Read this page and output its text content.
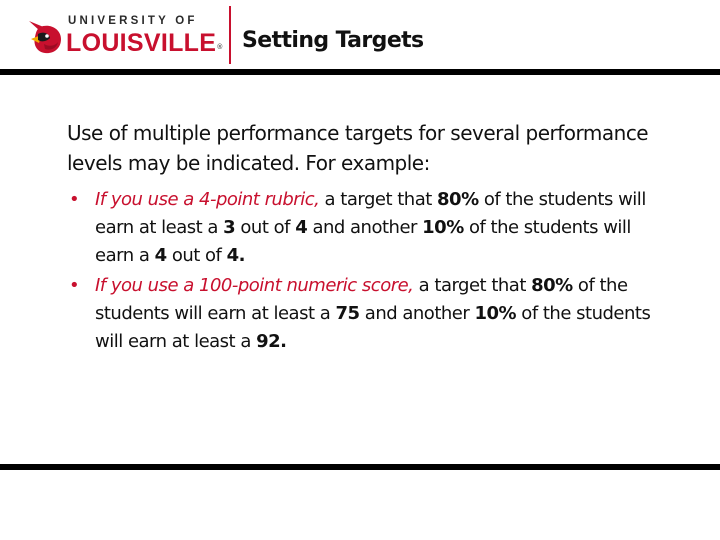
UNIVERSITY OF
LOUISVILLE® Setting Targets

Use of multiple performance targets for several performance levels may be indicated. For example:

• If you use a 4-point rubric, a target that 80% of the students will earn at least a 3 out of 4 and another 10% of the students will earn a 4 out of 4.
• If you use a 100-point numeric score, a target that 80% of the students will earn at least a 75 and another 10% of the students will earn at least a 92.
